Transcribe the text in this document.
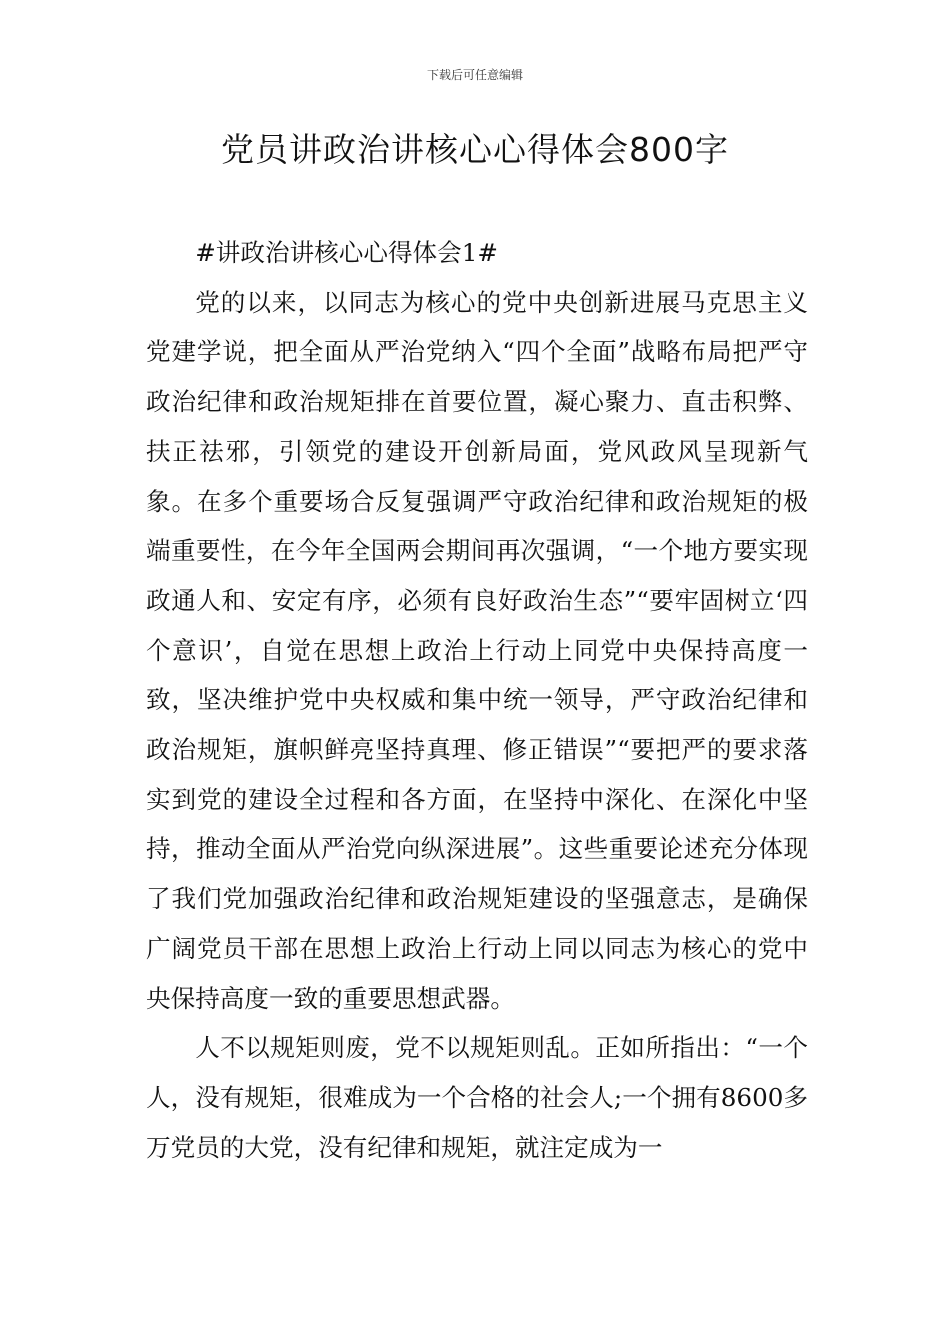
下载后可任意编辑
党员讲政治讲核心心得体会800字

#讲政治讲核心心得体会1#

党的以来，以同志为核心的党中央创新进展马克思主义党建学说，把全面从严治党纳入“四个全面”战略布局把严守政治纪律和政治规矩排在首要位置，凝心聚力、直击积弊、扶正祛邪，引领党的建设开创新局面，党风政风呈现新气象。在多个重要场合反复强调严守政治纪律和政治规矩的极端重要性，在今年全国两会期间再次强调，“一个地方要实现政通人和、安定有序，必须有良好政治生态”“要牢固树立‘四个意识’，自觉在思想上政治上行动上同党中央保持高度一致，坚决维护党中央权威和集中统一领导，严守政治纪律和政治规矩，旗帜鲜亮坚持真理、修正错误”“要把严的要求落实到党的建设全过程和各方面，在坚持中深化、在深化中坚持，推动全面从严治党向纵深进展”。这些重要论述充分体现了我们党加强政治纪律和政治规矩建设的坚强意志，是确保广阔党员干部在思想上政治上行动上同以同志为核心的党中央保持高度一致的重要思想武器。

人不以规矩则废，党不以规矩则乱。正如所指出：“一个人，没有规矩，很难成为一个合格的社会人;一个拥有8600多万党员的大党，没有纪律和规矩，就注定成为一
